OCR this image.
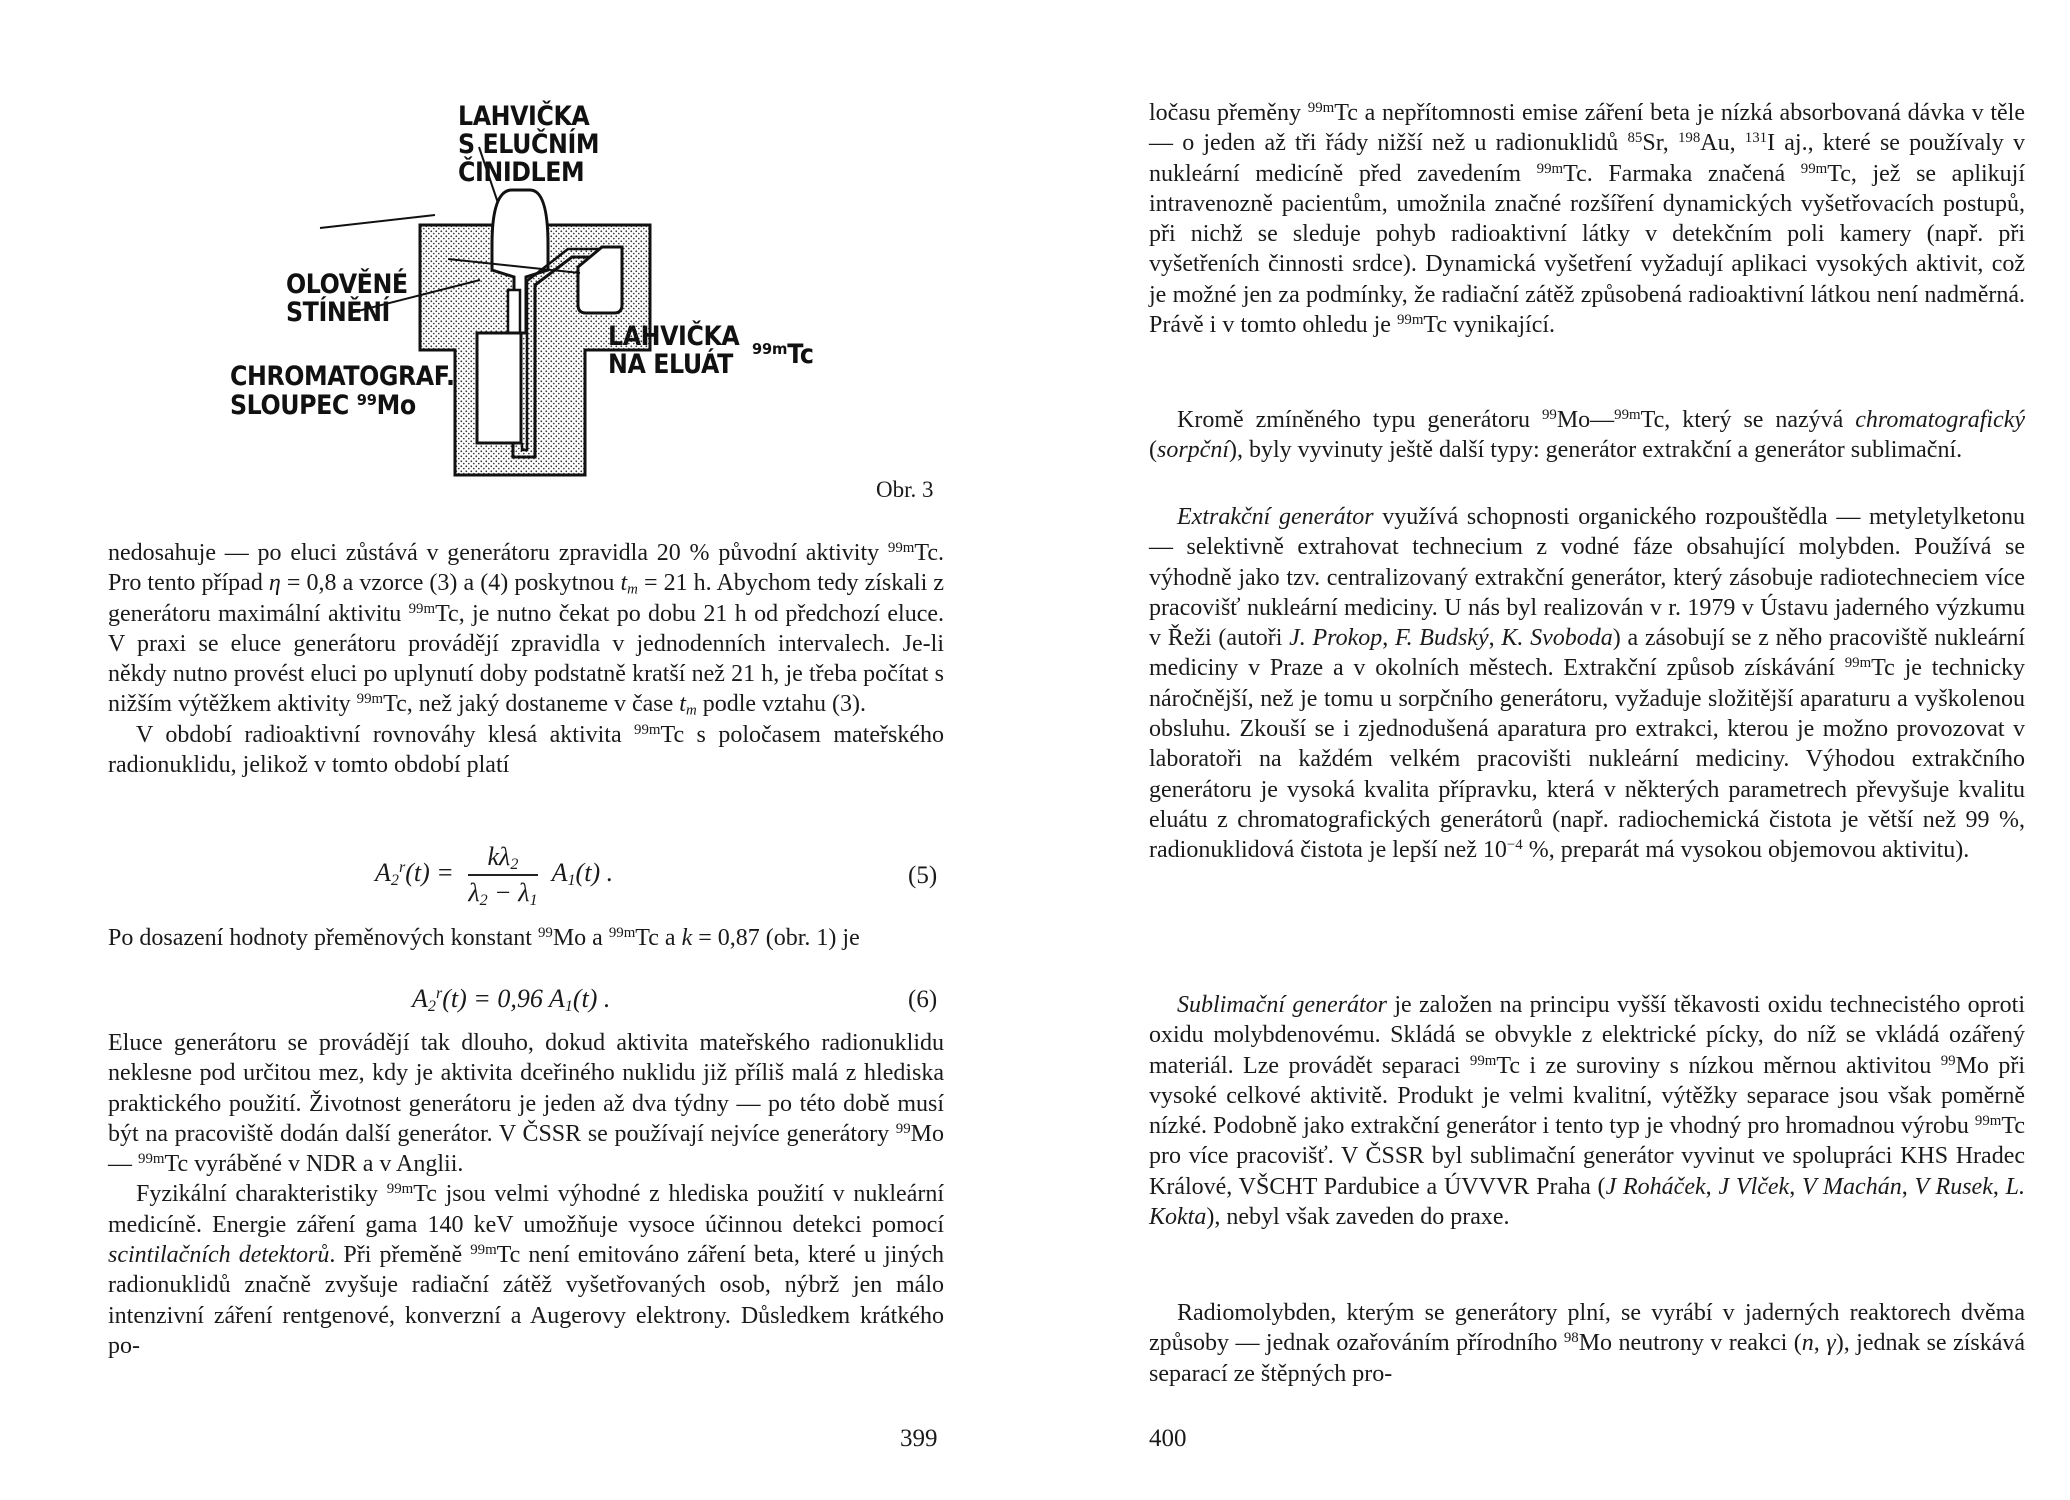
LAHVIČKA
S ELUČNÍM
ČINIDLEM
OLOVĚNÉ
STÍNĚNÍ
CHROMATOGRAF.
SLOUPEC ⁹⁹Mo
LAHVIČKA
NA ELUÁT ⁹⁹ᵐTc
Obr. 3

nedosahuje — po eluci zůstává v generátoru zpravidla 20 % původní aktivity $^{99m}$Tc. Pro tento případ η = 0,8 a vzorce (3) a (4) poskytnou $t_m = 21$ h. Abychom tedy získali z generátoru maximální aktivitu $^{99m}$Tc, je nutno čekat po dobu 21 h od předchozí eluce. V praxi se eluce generátoru provádějí zpravidla v jednodenních intervalech. Je-li někdy nutno provést eluci po uplynutí doby podstatně kratší než 21 h, je třeba počítat s nižším výtěžkem aktivity $^{99m}$Tc, než jaký dostaneme v čase $t_m$ podle vztahu (3).

V období radioaktivní rovnováhy klesá aktivita $^{99m}$Tc s poločasem mateřského radionuklidu, jelikož v tomto období platí

$A_2^r(t) = \frac{k\lambda_2}{\lambda_2 - \lambda_1} A_1(t)$ .	(5)

Po dosazení hodnoty přeměnových konstant $^{99}$Mo a $^{99m}$Tc a k = 0,87 (obr. 1) je

$A_2^r(t) = 0,96$ $A_1(t)$ .	(6)

Eluce generátoru se provádějí tak dlouho, dokud aktivita mateřského radionuklidu neklesne pod určitou mez, kdy je aktivita dceřiného nuklidu již příliš malá z hlediska praktického použití. Životnost generátoru je jeden až dva týdny — po této době musí být na pracoviště dodán další generátor. V ČSSR se používají nejvíce generátory $^{99}$Mo — $^{99m}$Tc vyráběné v NDR a v Anglii.

Fyzikální charakteristiky $^{99m}$Tc jsou velmi výhodné z hlediska použití v nukleární medicíně. Energie záření gama 140 keV umožňuje vysoce účinnou detekci pomocí scintilačních detektorů. Při přeměně $^{99m}$Tc není emitováno záření beta, které u jiných radionuklidů značně zvyšuje radiační zátěž vyšetřovaných osob, nýbrž jen málo intenzivní záření rentgenové, konverzní a Augerovy elektrony. Důsledkem krátkého po-

399

ločasu přeměny $^{99m}$Tc a nepřítomnosti emise záření beta je nízká absorbovaná dávka v těle — o jeden až tři řády nižší než u radionuklidů $^{85}$Sr, $^{198}$Au, $^{131}$I aj., které se používaly v nukleární medicíně před zavedením $^{99m}$Tc. Farmaka značená $^{99m}$Tc, jež se aplikují intravenozně pacientům, umožnila značné rozšíření dynamických vyšetřovacích postupů, při nichž se sleduje pohyb radioaktivní látky v detekčním poli kamery (např. při vyšetřeních činnosti srdce). Dynamická vyšetření vyžadují aplikaci vysokých aktivit, což je možné jen za podmínky, že radiační zátěž způsobená radioaktivní látkou není nadměrná. Právě i v tomto ohledu je $^{99m}$Tc vynikající.

Kromě zmíněného typu generátoru $^{99}$Mo—$^{99m}$Tc, který se nazývá chromatografický (sorpční), byly vyvinuty ještě další typy: generátor extrakční a generátor sublimační.

Extrakční generátor využívá schopnosti organického rozpouštědla — metyletylketonu — selektivně extrahovat technecium z vodné fáze obsahující molybden. Používá se výhodně jako tzv. centralizovaný extrakční generátor, který zásobuje radiotechneciem více pracovišť nukleární mediciny. U nás byl realizován v r. 1979 v Ústavu jaderného výzkumu v Řeži (autoři J. Prokop, F. Budský, K. Svoboda) a zásobují se z něho pracoviště nukleární mediciny v Praze a v okolních městech. Extrakční způsob získávání $^{99m}$Tc je technicky náročnější, než je tomu u sorpčního generátoru, vyžaduje složitější aparaturu a vyškolenou obsluhu. Zkouší se i zjednodušená aparatura pro extrakci, kterou je možno provozovat v laboratoři na každém velkém pracovišti nukleární mediciny. Výhodou extrakčního generátoru je vysoká kvalita přípravku, která v některých parametrech převyšuje kvalitu eluátu z chromatografických generátorů (např. radiochemická čistota je větší než 99 %, radionuklidová čistota je lepší než $10^{-4}$ %, preparát má vysokou objemovou aktivitu).

Sublimační generátor je založen na principu vyšší těkavosti oxidu technecistého oproti oxidu molybdenovému. Skládá se obvykle z elektrické pícky, do níž se vkládá ozářený materiál. Lze provádět separaci $^{99m}$Tc i ze suroviny s nízkou měrnou aktivitou $^{99}$Mo při vysoké celkové aktivitě. Produkt je velmi kvalitní, výtěžky separace jsou však poměrně nízké. Podobně jako extrakční generátor i tento typ je vhodný pro hromadnou výrobu $^{99m}$Tc pro více pracovišť. V ČSSR byl sublimační generátor vyvinut ve spolupráci KHS Hradec Králové, VŠCHT Pardubice a ÚVVVR Praha (J Roháček, J Vlček, V Machán, V Rusek, L. Kokta), nebyl však zaveden do praxe.

Radiomolybden, kterým se generátory plní, se vyrábí v jaderných reaktorech dvěma způsoby — jednak ozařováním přírodního $^{98}$Mo neutrony v reakci (n, γ), jednak se získává separací ze štěpných pro-

400
